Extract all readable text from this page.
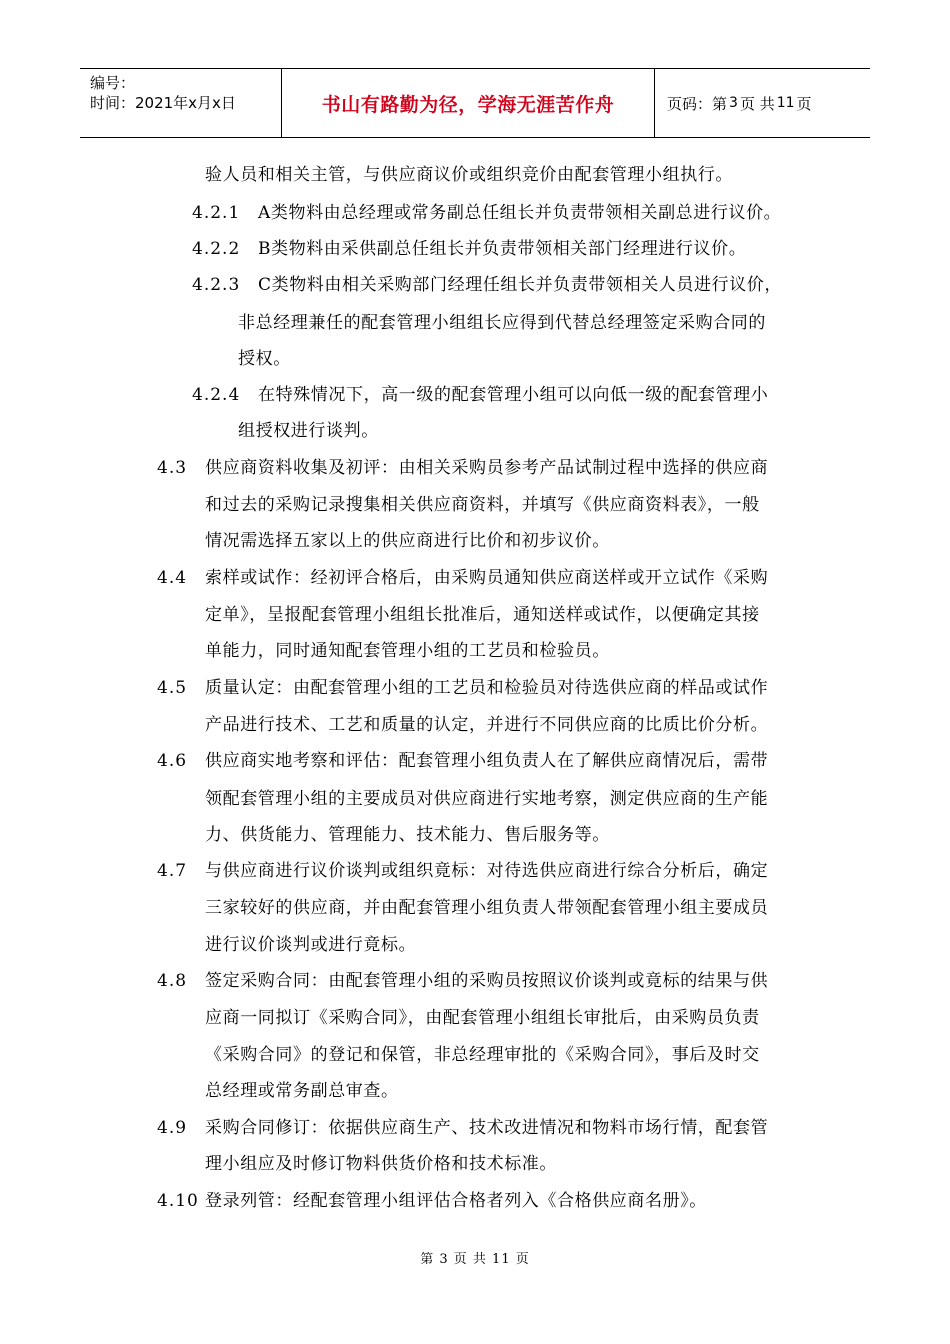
编号：
时间：2021年x月x日	书山有路勤为径，学海无涯苦作舟	页码：第 3 页 共 11 页
验人员和相关主管，与供应商议价或组织竞价由配套管理小组执行。
4.2.1 A类物料由总经理或常务副总任组长并负责带领相关副总进行议价。
4.2.2 B类物料由采供副总任组长并负责带领相关部门经理进行议价。
4.2.3 C类物料由相关采购部门经理任组长并负责带领相关人员进行议价，
非总经理兼任的配套管理小组组长应得到代替总经理签定采购合同的
授权。
4.2.4 在特殊情况下，高一级的配套管理小组可以向低一级的配套管理小
组授权进行谈判。
4.3 供应商资料收集及初评：由相关采购员参考产品试制过程中选择的供应商
和过去的采购记录搜集相关供应商资料，并填写《供应商资料表》，一般
情况需选择五家以上的供应商进行比价和初步议价。
4.4 索样或试作：经初评合格后，由采购员通知供应商送样或开立试作《采购
定单》，呈报配套管理小组组长批准后，通知送样或试作，以便确定其接
单能力，同时通知配套管理小组的工艺员和检验员。
4.5 质量认定：由配套管理小组的工艺员和检验员对待选供应商的样品或试作
产品进行技术、工艺和质量的认定，并进行不同供应商的比质比价分析。
4.6 供应商实地考察和评估：配套管理小组负责人在了解供应商情况后，需带
领配套管理小组的主要成员对供应商进行实地考察，测定供应商的生产能
力、供货能力、管理能力、技术能力、售后服务等。
4.7 与供应商进行议价谈判或组织竟标：对待选供应商进行综合分析后，确定
三家较好的供应商，并由配套管理小组负责人带领配套管理小组主要成员
进行议价谈判或进行竟标。
4.8 签定采购合同：由配套管理小组的采购员按照议价谈判或竟标的结果与供
应商一同拟订《采购合同》，由配套管理小组组长审批后，由采购员负责
《采购合同》的登记和保管，非总经理审批的《采购合同》，事后及时交
总经理或常务副总审查。
4.9 采购合同修订：依据供应商生产、技术改进情况和物料市场行情，配套管
理小组应及时修订物料供货价格和技术标准。
4.10 登录列管：经配套管理小组评估合格者列入《合格供应商名册》。
第 3 页 共 11 页
